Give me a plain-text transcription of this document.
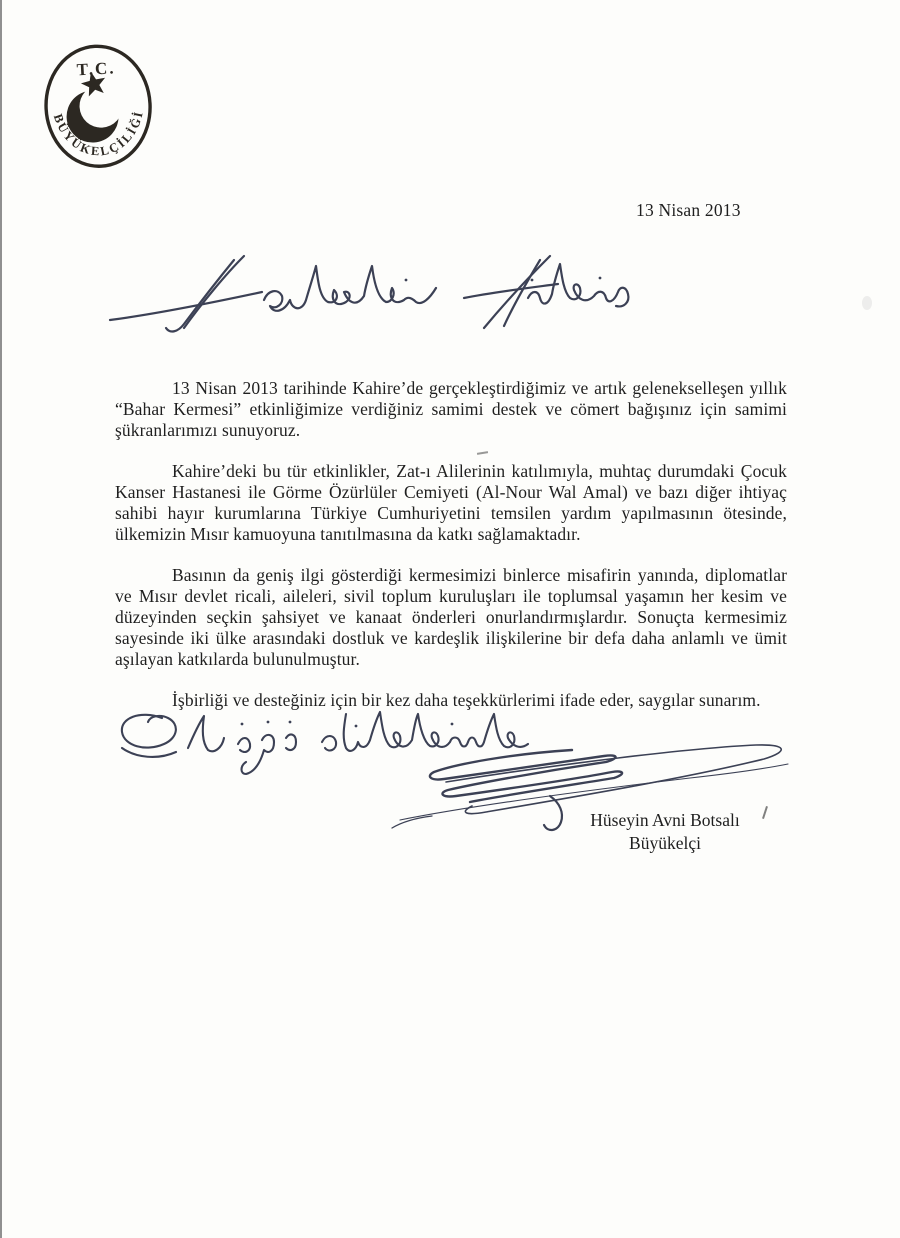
BÜYÜKELÇİLİĞİ
13 Nisan 2013

13 Nisan 2013 tarihinde Kahire’de gerçekleştirdiğimiz ve artık gelenekselleşen yıllık “Bahar Kermesi” etkinliğimize verdiğiniz samimi destek ve cömert bağışınız için samimi şükranlarımızı sunuyoruz.

Kahire’deki bu tür etkinlikler, Zat-ı Alilerinin katılımıyla, muhtaç durumdaki Çocuk Kanser Hastanesi ile Görme Özürlüler Cemiyeti (Al-Nour Wal Amal) ve bazı diğer ihtiyaç sahibi hayır kurumlarına Türkiye Cumhuriyetini temsilen yardım yapılmasının ötesinde, ülkemizin Mısır kamuoyuna tanıtılmasına da katkı sağlamaktadır.

Basının da geniş ilgi gösterdiği kermesimizi binlerce misafirin yanında, diplomatlar ve Mısır devlet ricali, aileleri, sivil toplum kuruluşları ile toplumsal yaşamın her kesim ve düzeyinden seçkin şahsiyet ve kanaat önderleri onurlandırmışlardır. Sonuçta kermesimiz sayesinde iki ülke arasındaki dostluk ve kardeşlik ilişkilerine bir defa daha anlamlı ve ümit aşılayan katkılarda bulunulmuştur.

İşbirliği ve desteğiniz için bir kez daha teşekkürlerimi ifade eder, saygılar sunarım.

Hüseyin Avni Botsalı
Büyükelçi
